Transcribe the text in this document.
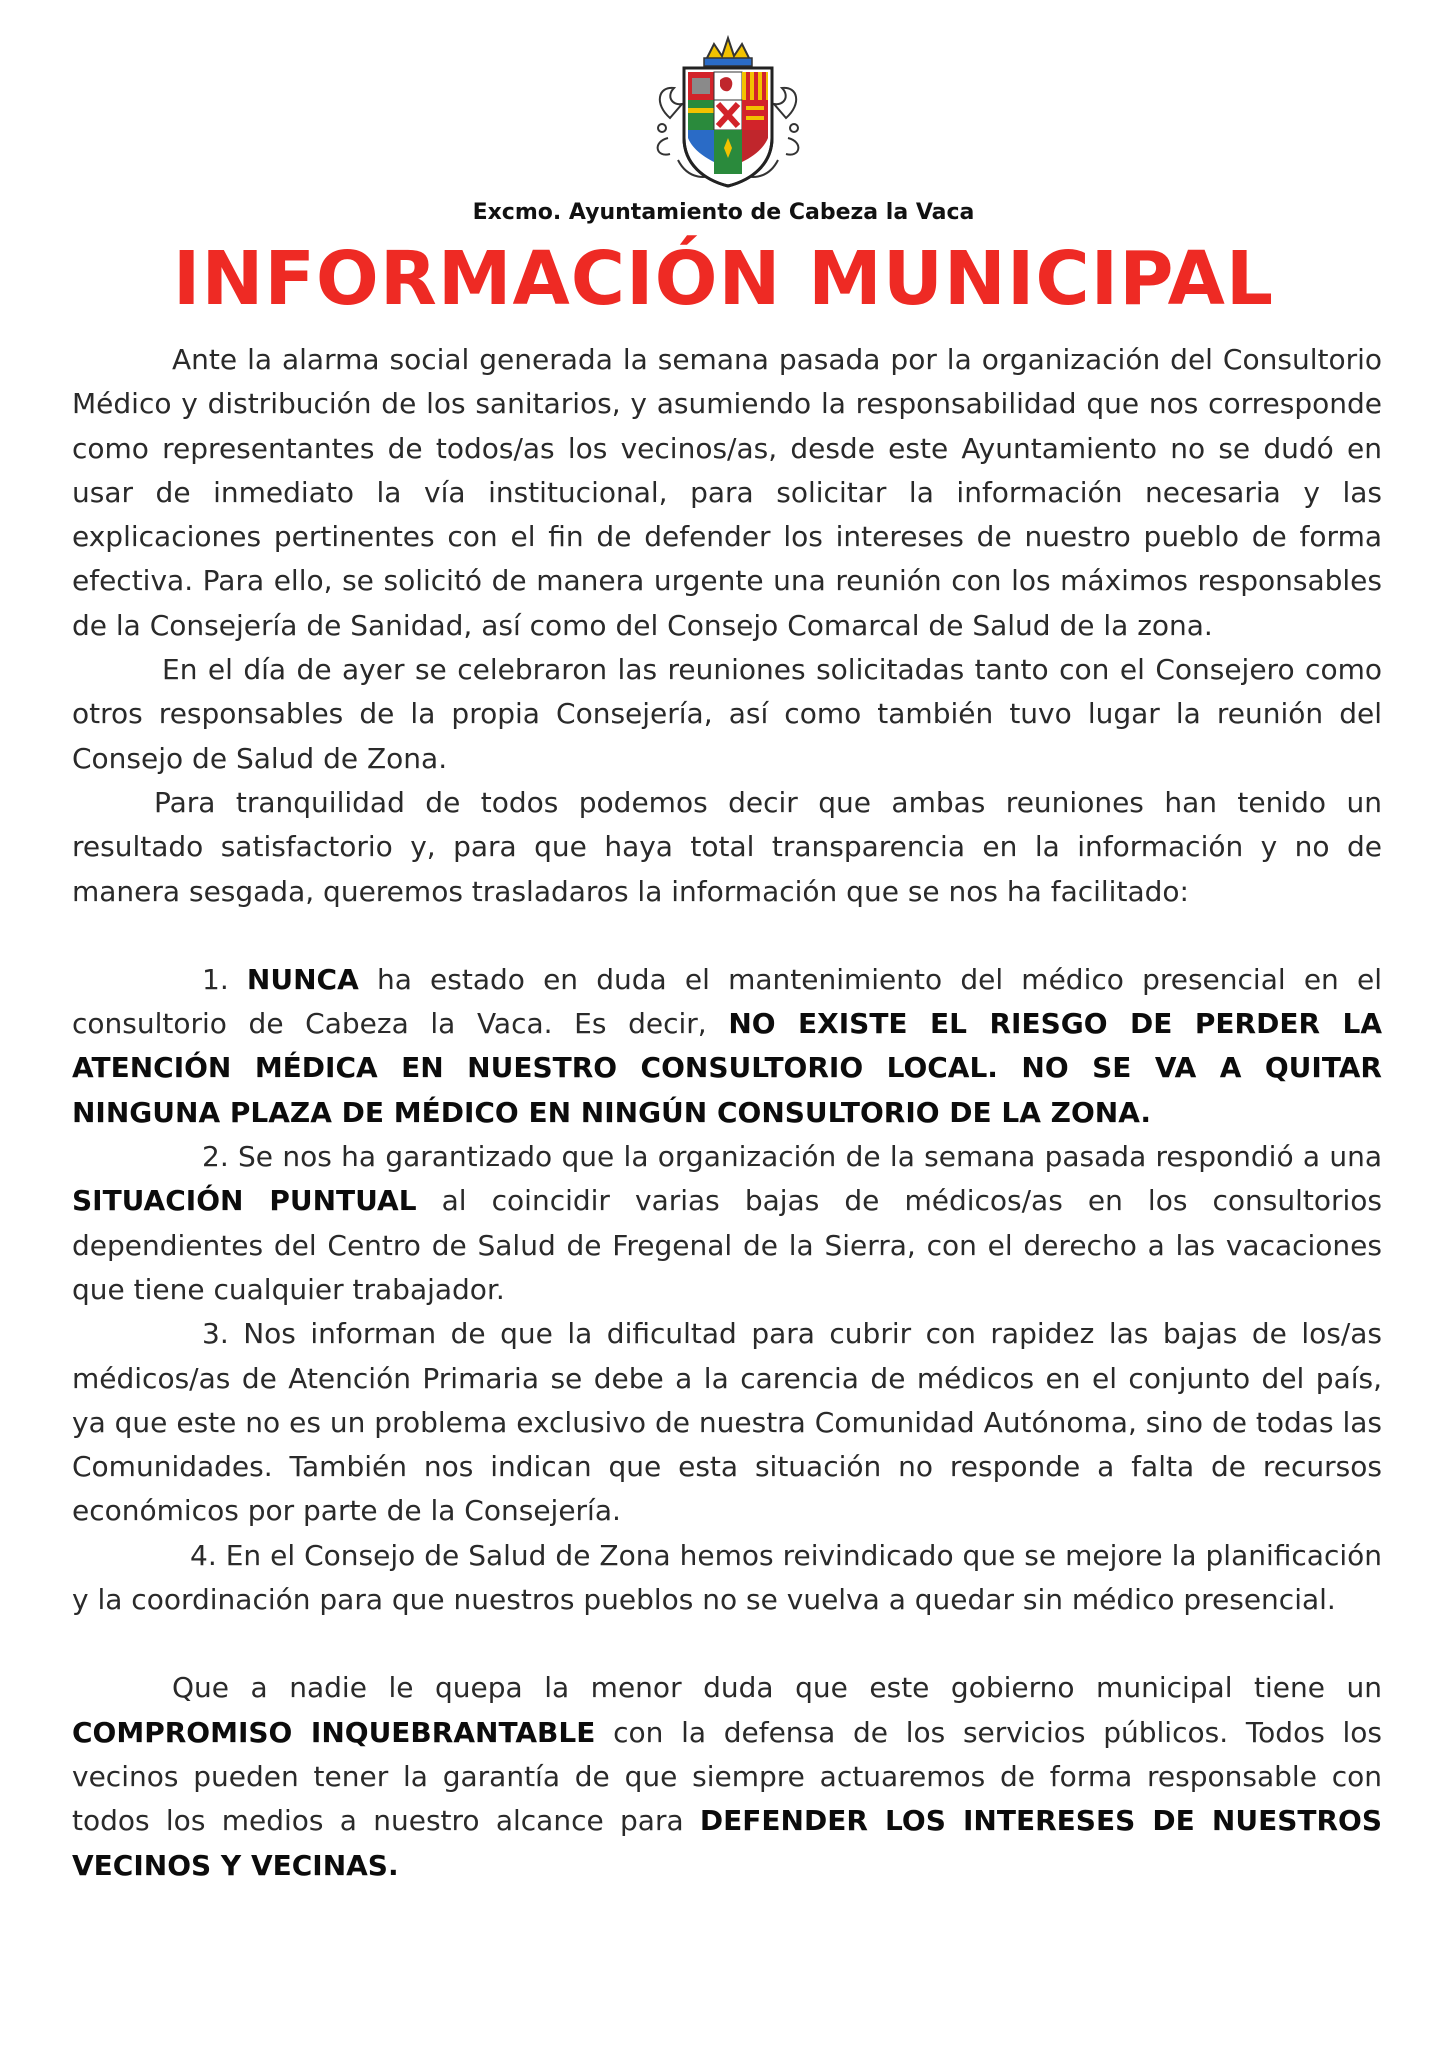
Excmo. Ayuntamiento de Cabeza la Vaca
INFORMACIÓN MUNICIPAL

Ante la alarma social generada la semana pasada por la organización del Consultorio Médico y distribución de los sanitarios, y asumiendo la responsabilidad que nos corresponde como representantes de todos/as los vecinos/as, desde este Ayuntamiento no se dudó en usar de inmediato la vía institucional, para solicitar la información necesaria y las explicaciones pertinentes con el fin de defender los intereses de nuestro pueblo de forma efectiva. Para ello, se solicitó de manera urgente una reunión con los máximos responsables de la Consejería de Sanidad, así como del Consejo Comarcal de Salud de la zona.

En el día de ayer se celebraron las reuniones solicitadas tanto con el Consejero como otros responsables de la propia Consejería, así como también tuvo lugar la reunión del Consejo de Salud de Zona.

Para tranquilidad de todos podemos decir que ambas reuniones han tenido un resultado satisfactorio y, para que haya total transparencia en la información y no de manera sesgada, queremos trasladaros la información que se nos ha facilitado:

1. NUNCA ha estado en duda el mantenimiento del médico presencial en el consultorio de Cabeza la Vaca. Es decir, NO EXISTE EL RIESGO DE PERDER LA ATENCIÓN MÉDICA EN NUESTRO CONSULTORIO LOCAL. NO SE VA A QUITAR NINGUNA PLAZA DE MÉDICO EN NINGÚN CONSULTORIO DE LA ZONA.

2. Se nos ha garantizado que la organización de la semana pasada respondió a una SITUACIÓN PUNTUAL al coincidir varias bajas de médicos/as en los consultorios dependientes del Centro de Salud de Fregenal de la Sierra, con el derecho a las vacaciones que tiene cualquier trabajador.

3. Nos informan de que la dificultad para cubrir con rapidez las bajas de los/as médicos/as de Atención Primaria se debe a la carencia de médicos en el conjunto del país, ya que este no es un problema exclusivo de nuestra Comunidad Autónoma, sino de todas las Comunidades. También nos indican que esta situación no responde a falta de recursos económicos por parte de la Consejería.

4. En el Consejo de Salud de Zona hemos reivindicado que se mejore la planificación y la coordinación para que nuestros pueblos no se vuelva a quedar sin médico presencial.

Que a nadie le quepa la menor duda que este gobierno municipal tiene un COMPROMISO INQUEBRANTABLE con la defensa de los servicios públicos. Todos los vecinos pueden tener la garantía de que siempre actuaremos de forma responsable con todos los medios a nuestro alcance para DEFENDER LOS INTERESES DE NUESTROS VECINOS Y VECINAS.
